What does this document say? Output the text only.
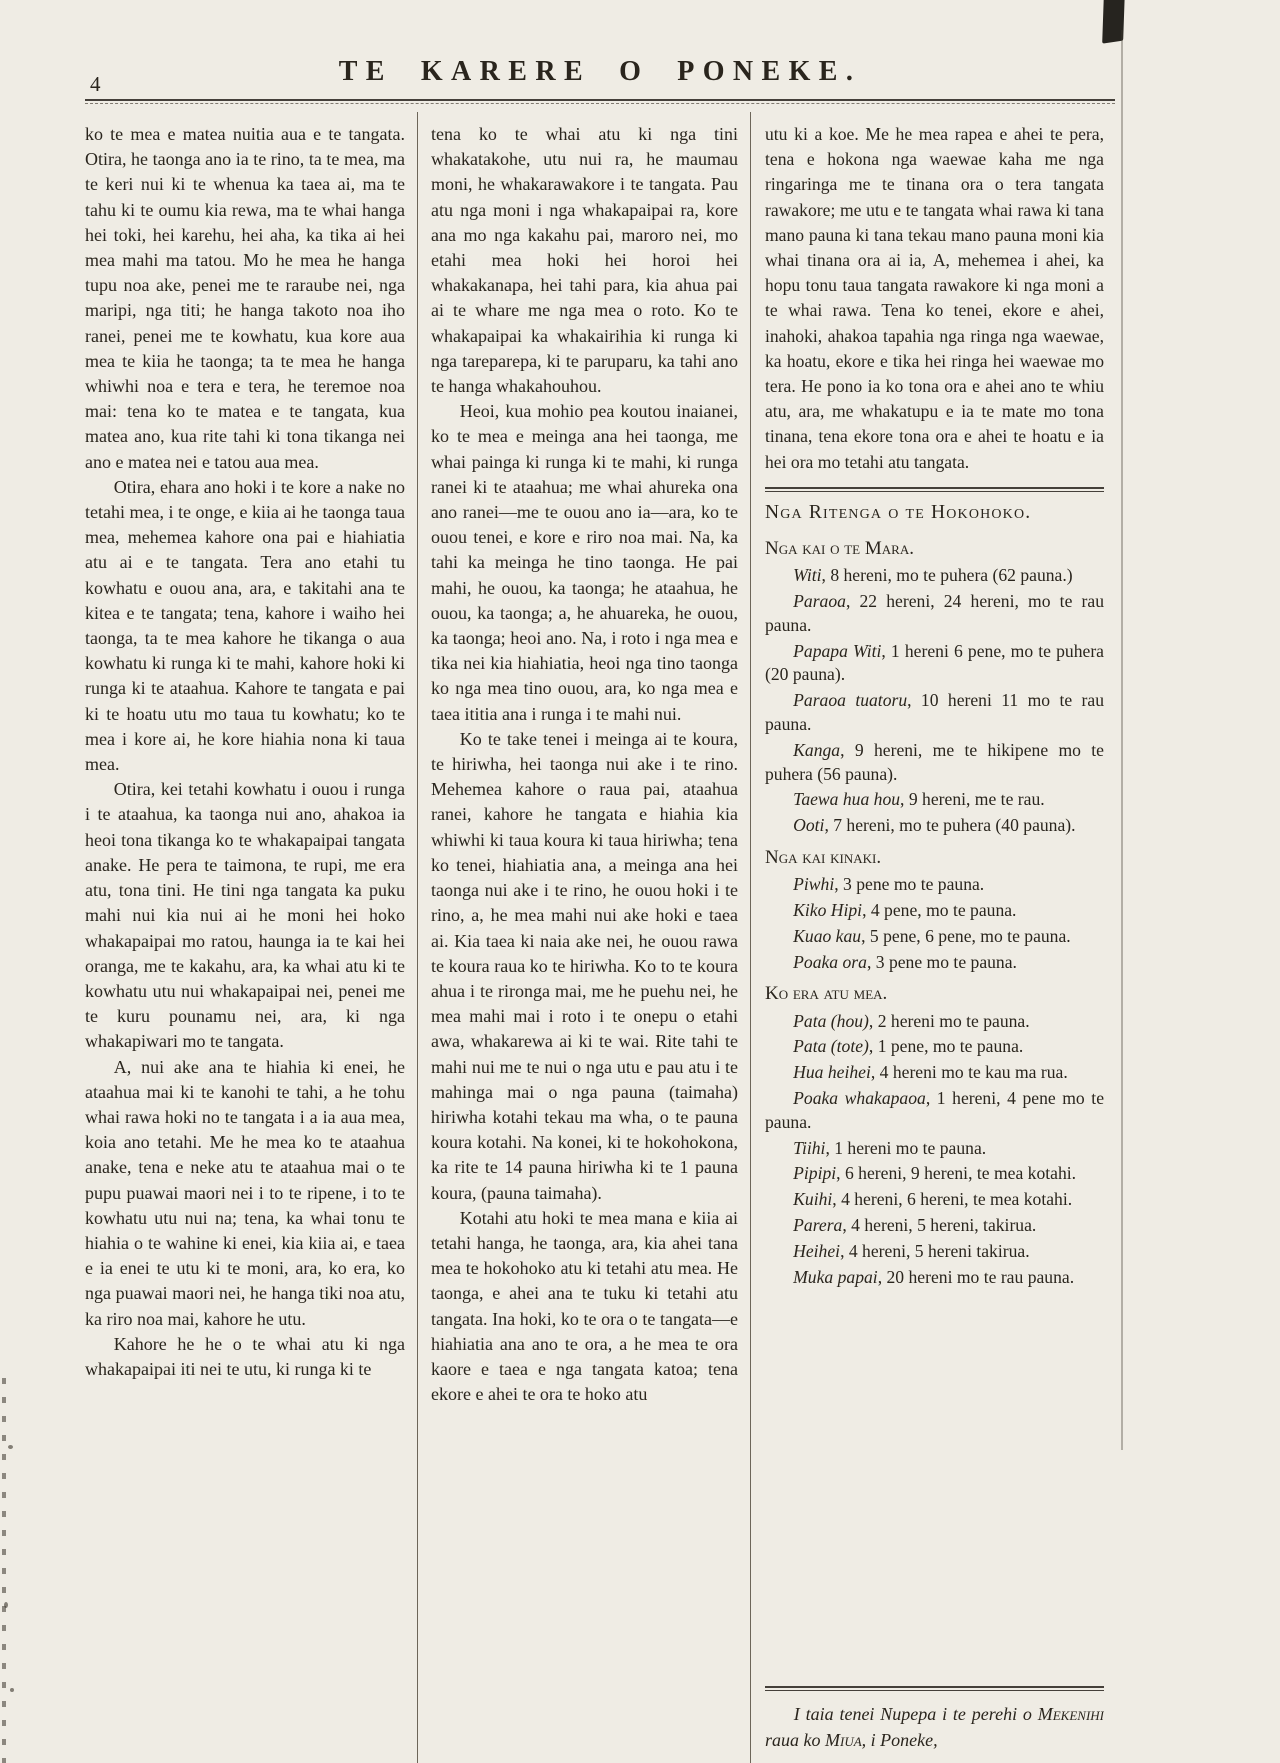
4	TE KARERE O PONEKE.

ko te mea e matea nuitia aua e te tangata. Otira, he taonga ano ia te rino, ta te mea, ma te keri nui ki te whenua ka taea ai, ma te tahu ki te oumu kia rewa, ma te whai hanga hei toki, hei karehu, hei aha, ka tika ai hei mea mahi ma tatou. Mo he mea he hanga tupu noa ake, penei me te raraube nei, nga maripi, nga titi; he hanga takoto noa iho ranei, penei me te kowhatu, kua kore aua mea te kiia he taonga; ta te mea he hanga whiwhi noa e tera e tera, he teremoe noa mai: tena ko te matea e te tangata, kua matea ano, kua rite tahi ki tona tikanga nei ano e matea nei e tatou aua mea.

Otira, ehara ano hoki i te kore a nake no tetahi mea, i te onge, e kiia ai he taonga taua mea, mehemea kahore ona pai e hiahiatia atu ai e te tangata. Tera ano etahi tu kowhatu e ouou ana, ara, e takitahi ana te kitea e te tangata; tena, kahore i waiho hei taonga, ta te mea kahore he tikanga o aua kowhatu ki runga ki te mahi, kahore hoki ki runga ki te ataahua. Kahore te tangata e pai ki te hoatu utu mo taua tu kowhatu; ko te mea i kore ai, he kore hiahia nona ki taua mea.

Otira, kei tetahi kowhatu i ouou i runga i te ataahua, ka taonga nui ano, ahakoa ia heoi tona tikanga ko te whakapaipai tangata anake. He pera te taimona, te rupi, me era atu, tona tini. He tini nga tangata ka puku mahi nui kia nui ai he moni hei hoko whakapaipai mo ratou, haunga ia te kai hei oranga, me te kakahu, ara, ka whai atu ki te kowhatu utu nui whakapaipai nei, penei me te kuru pounamu nei, ara, ki nga whakapiwari mo te tangata.

A, nui ake ana te hiahia ki enei, he ataahua mai ki te kanohi te tahi, a he tohu whai rawa hoki no te tangata i a ia aua mea, koia ano tetahi. Me he mea ko te ataahua anake, tena e neke atu te ataahua mai o te pupu puawai maori nei i to te ripene, i to te kowhatu utu nui na; tena, ka whai tonu te hiahia o te wahine ki enei, kia kiia ai, e taea e ia enei te utu ki te moni, ara, ko era, ko nga puawai maori nei, he hanga tiki noa atu, ka riro noa mai, kahore he utu.

Kahore he he o te whai atu ki nga whakapaipai iti nei te utu, ki runga ki te

tena ko te whai atu ki nga tini whakatakohe, utu nui ra, he maumau moni, he whakarawakore i te tangata. Pau atu nga moni i nga whakapaipai ra, kore ana mo nga kakahu pai, maroro nei, mo etahi mea hoki hei horoi hei whakakanapa, hei tahi para, kia ahua pai ai te whare me nga mea o roto. Ko te whakapaipai ka whakairihia ki runga ki nga tareparepa, ki te paruparu, ka tahi ano te hanga whakahouhou.

Heoi, kua mohio pea koutou inaianei, ko te mea e meinga ana hei taonga, me whai painga ki runga ki te mahi, ki runga ranei ki te ataahua; me whai ahureka ona ano ranei—me te ouou ano ia—ara, ko te ouou tenei, e kore e riro noa mai. Na, ka tahi ka meinga he tino taonga. He pai mahi, he ouou, ka taonga; he ataahua, he ouou, ka taonga; a, he ahuareka, he ouou, ka taonga; heoi ano. Na, i roto i nga mea e tika nei kia hiahiatia, heoi nga tino taonga ko nga mea tino ouou, ara, ko nga mea e taea ititia ana i runga i te mahi nui.

Ko te take tenei i meinga ai te koura, te hiriwha, hei taonga nui ake i te rino. Mehemea kahore o raua pai, ataahua ranei, kahore he tangata e hiahia kia whiwhi ki taua koura ki taua hiriwha; tena ko tenei, hiahiatia ana, a meinga ana hei taonga nui ake i te rino, he ouou hoki i te rino, a, he mea mahi nui ake hoki e taea ai. Kia taea ki naia ake nei, he ouou rawa te koura raua ko te hiriwha. Ko to te koura ahua i te rironga mai, me he puehu nei, he mea mahi mai i roto i te onepu o etahi awa, whakarewa ai ki te wai. Rite tahi te mahi nui me te nui o nga utu e pau atu i te mahinga mai o nga pauna (taimaha) hiriwha kotahi tekau ma wha, o te pauna koura kotahi. Na konei, ki te hokohokona, ka rite te 14 pauna hiriwha ki te 1 pauna koura, (pauna taimaha).

Kotahi atu hoki te mea mana e kiia ai tetahi hanga, he taonga, ara, kia ahei tana mea te hokohoko atu ki tetahi atu mea. He taonga, e ahei ana te tuku ki tetahi atu tangata. Ina hoki, ko te ora o te tangata—e hiahiatia ana ano te ora, a he mea te ora kaore e taea e nga tangata katoa; tena ekore e ahei te ora te hoko atu

utu ki a koe. Me he mea rapea e ahei te pera, tena e hokona nga waewae kaha me nga ringaringa me te tinana ora o tera tangata rawakore; me utu e te tangata whai rawa ki tana mano pauna ki tana tekau mano pauna moni kia whai tinana ora ai ia, A, mehemea i ahei, ka hopu tonu taua tangata rawakore ki nga moni a te whai rawa. Tena ko tenei, ekore e ahei, inahoki, ahakoa tapahia nga ringa nga waewae, ka hoatu, ekore e tika hei ringa hei waewae mo tera. He pono ia ko tona ora e ahei ano te whiu atu, ara, me whakatupu e ia te mate mo tona tinana, tena ekore tona ora e ahei te hoatu e ia hei ora mo tetahi atu tangata.

Nga Ritenga o te Hokohoko.

Nga kai o te Mara.

Witi, 8 hereni, mo te puhera (62 pauna.)

Paraoa, 22 hereni, 24 hereni, mo te rau pauna.

Papapa Witi, 1 hereni 6 pene, mo te puhera (20 pauna).

Paraoa tuatoru, 10 hereni 11 mo te rau pauna.

Kanga, 9 hereni, me te hikipene mo te puhera (56 pauna).

Taewa hua hou, 9 hereni, me te rau.

Ooti, 7 hereni, mo te puhera (40 pauna).

Nga kai kinaki.

Piwhi, 3 pene mo te pauna.

Kiko Hipi, 4 pene, mo te pauna.

Kuao kau, 5 pene, 6 pene, mo te pauna.

Poaka ora, 3 pene mo te pauna.

Ko era atu mea.

Pata (hou), 2 hereni mo te pauna.

Pata (tote), 1 pene, mo te pauna.

Hua heihei, 4 hereni mo te kau ma rua.

Poaka whakapaoa, 1 hereni, 4 pene mo te pauna.

Tiihi, 1 hereni mo te pauna.

Pipipi, 6 hereni, 9 hereni, te mea kotahi.

Kuihi, 4 hereni, 6 hereni, te mea kotahi.

Parera, 4 hereni, 5 hereni, takirua.

Heihei, 4 hereni, 5 hereni takirua.

Muka papai, 20 hereni mo te rau pauna.

I taia tenei Nupepa i te perehi o Mekenihi raua ko Miua, i Poneke,
